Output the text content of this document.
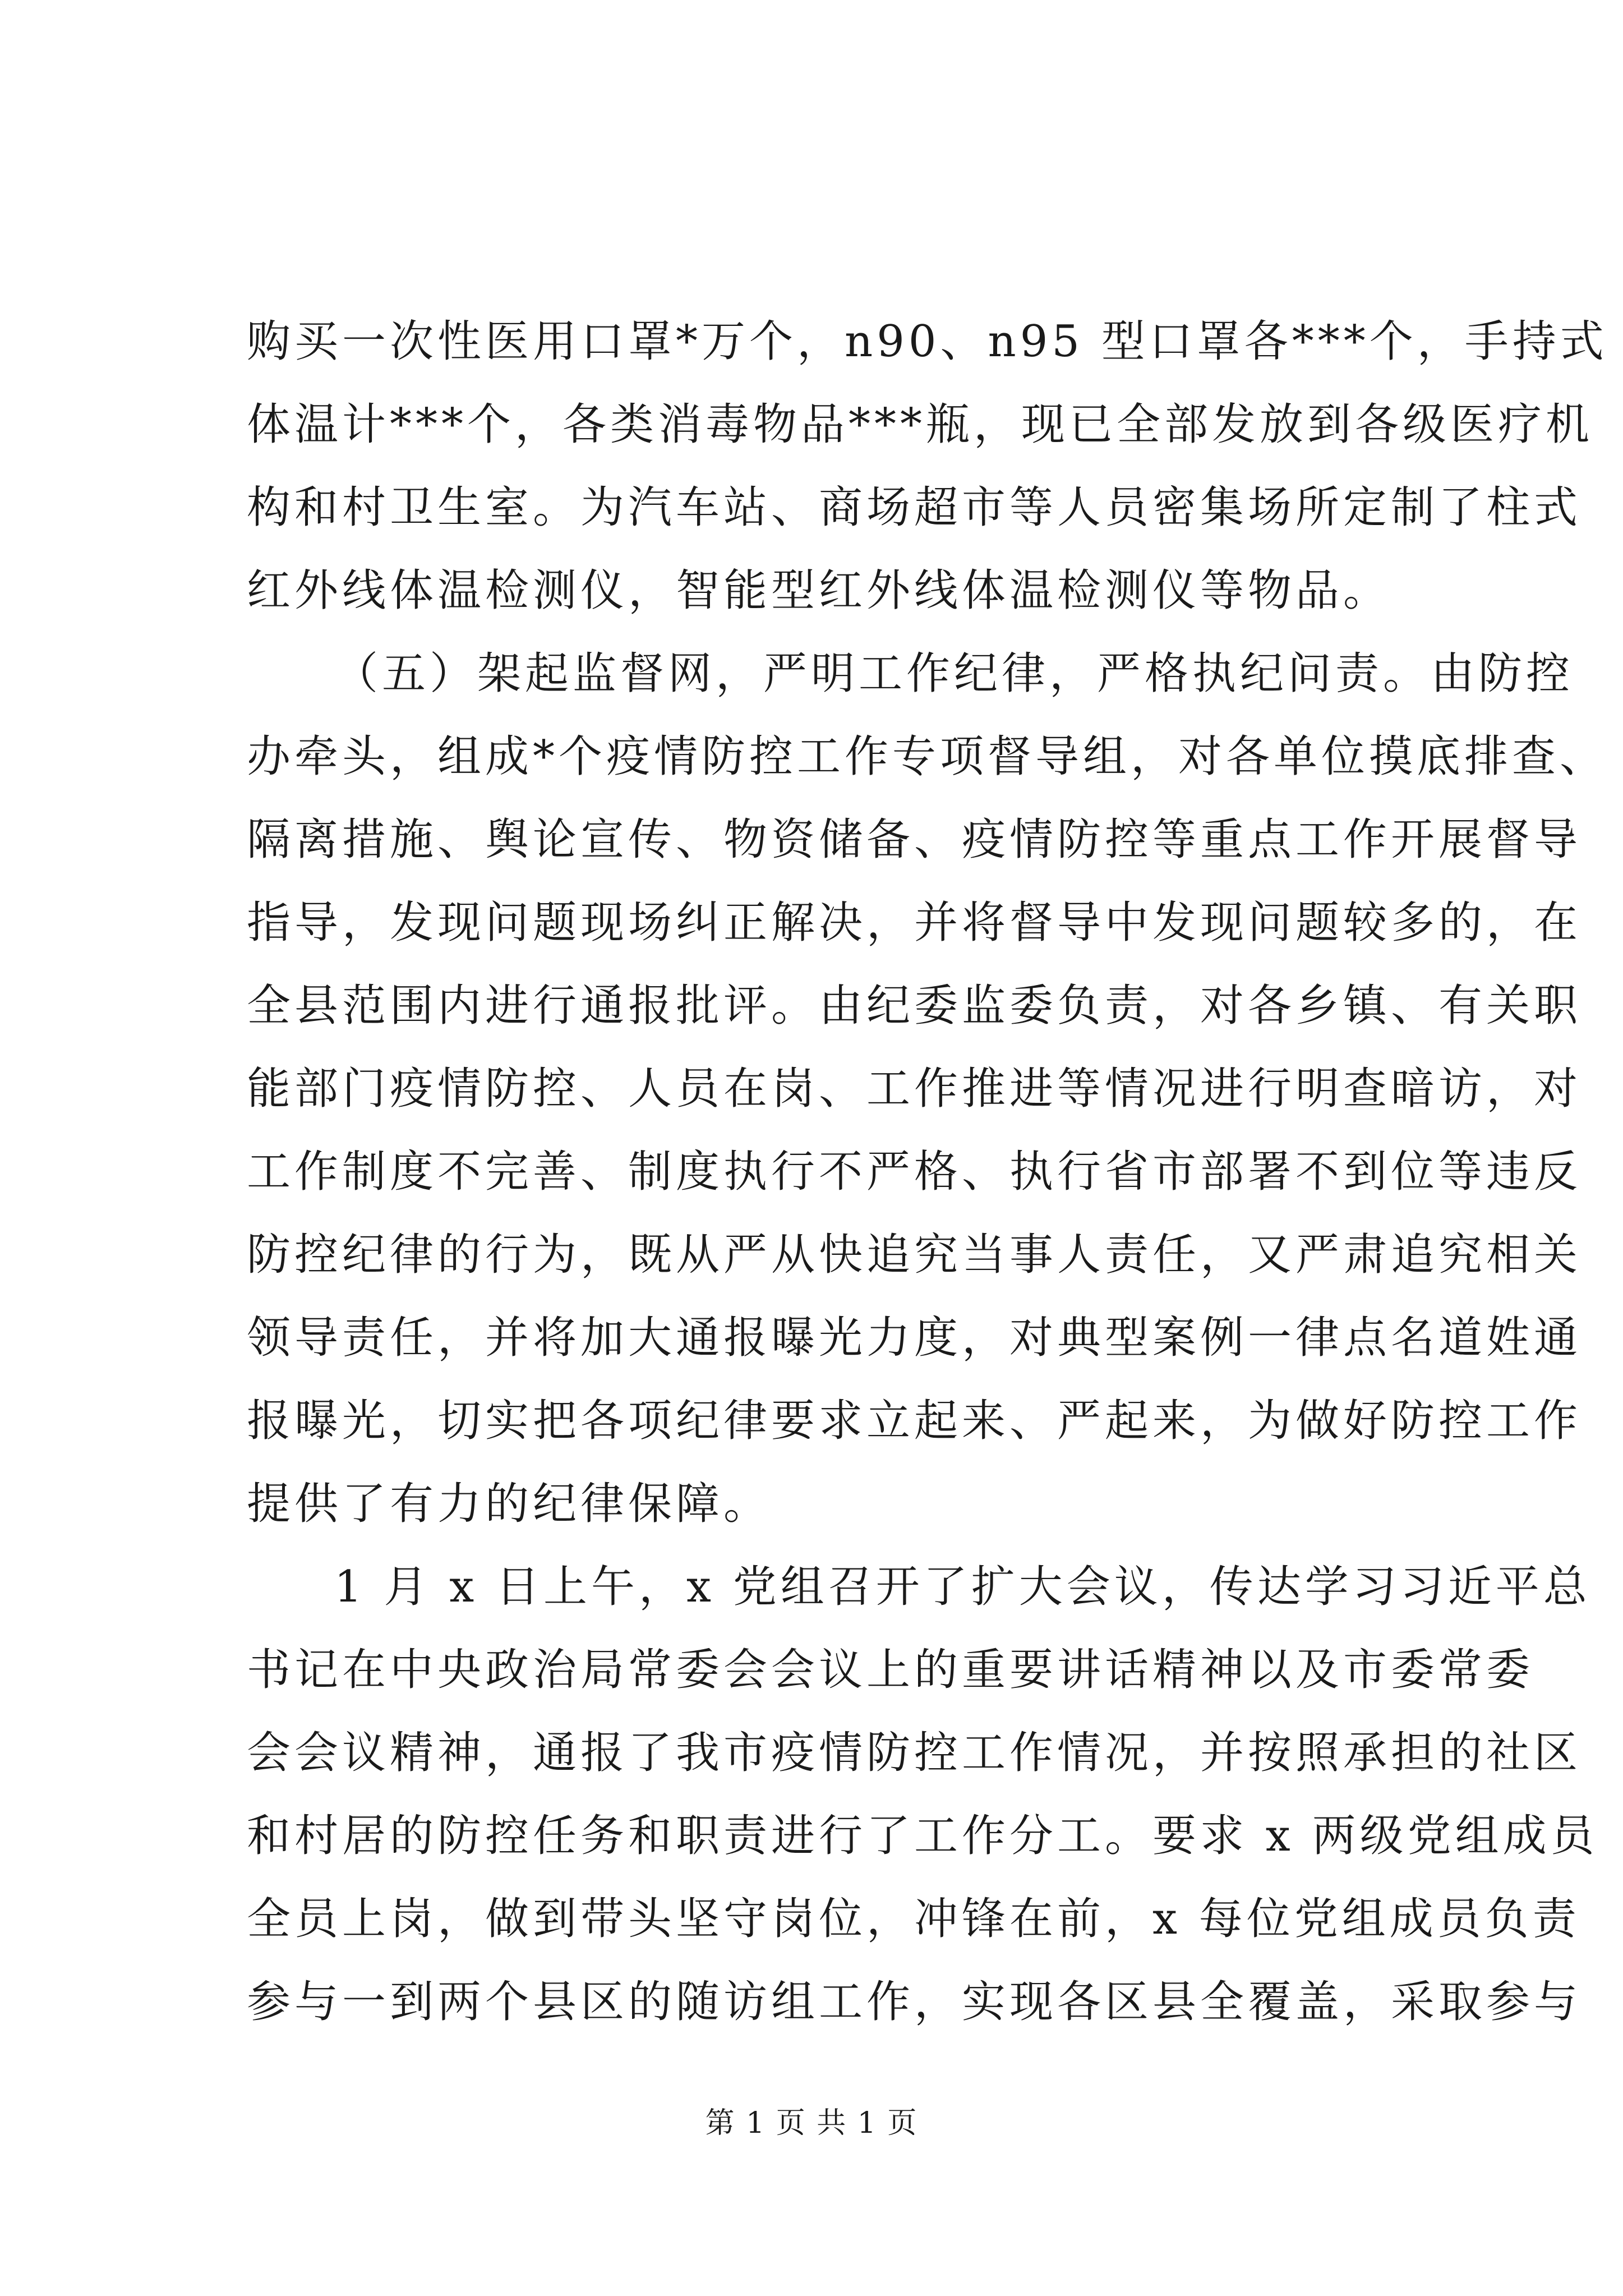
购买一次性医用口罩*万个，n90、n95 型口罩各***个，手持式
体温计***个，各类消毒物品***瓶，现已全部发放到各级医疗机
构和村卫生室。为汽车站、商场超市等人员密集场所定制了柱式
红外线体温检测仪，智能型红外线体温检测仪等物品。
（五）架起监督网，严明工作纪律，严格执纪问责。由防控
办牵头，组成*个疫情防控工作专项督导组，对各单位摸底排查、
隔离措施、舆论宣传、物资储备、疫情防控等重点工作开展督导
指导，发现问题现场纠正解决，并将督导中发现问题较多的，在
全县范围内进行通报批评。由纪委监委负责，对各乡镇、有关职
能部门疫情防控、人员在岗、工作推进等情况进行明查暗访，对
工作制度不完善、制度执行不严格、执行省市部署不到位等违反
防控纪律的行为，既从严从快追究当事人责任，又严肃追究相关
领导责任，并将加大通报曝光力度，对典型案例一律点名道姓通
报曝光，切实把各项纪律要求立起来、严起来，为做好防控工作
提供了有力的纪律保障。
1 月 x 日上午，x 党组召开了扩大会议，传达学习习近平总
书记在中央政治局常委会会议上的重要讲话精神以及市委常委
会会议精神，通报了我市疫情防控工作情况，并按照承担的社区
和村居的防控任务和职责进行了工作分工。要求 x 两级党组成员
全员上岗，做到带头坚守岗位，冲锋在前，x 每位党组成员负责
参与一到两个县区的随访组工作，实现各区县全覆盖，采取参与
第 1 页 共 1 页
